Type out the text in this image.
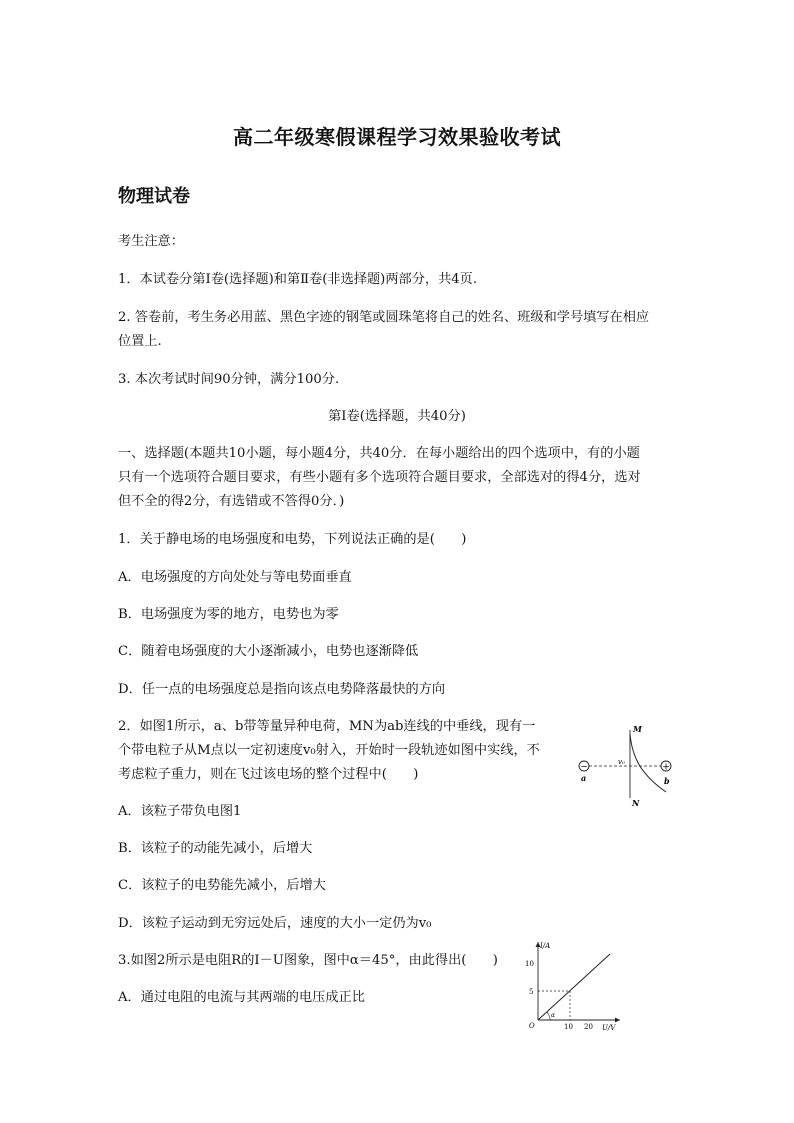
高二年级寒假课程学习效果验收考试
物理试卷
考生注意：
1．本试卷分第Ⅰ卷(选择题)和第Ⅱ卷(非选择题)两部分，共4页.
2. 答卷前，考生务必用蓝、黑色字迹的钢笔或圆珠笔将自己的姓名、班级和学号填写在相应
位置上.
3. 本次考试时间90分钟，满分100分.
第Ⅰ卷(选择题，共40分)
一、选择题(本题共10小题，每小题4分，共40分．在每小题给出的四个选项中，有的小题
只有一个选项符合题目要求，有些小题有多个选项符合题目要求，全部选对的得4分，选对
但不全的得2分，有选错或不答得0分．)
1．关于静电场的电场强度和电势，下列说法正确的是(　　)
A．电场强度的方向处处与等电势面垂直
B．电场强度为零的地方，电势也为零
C．随着电场强度的大小逐渐减小，电势也逐渐降低
D．任一点的电场强度总是指向该点电势降落最快的方向
2．如图1所示，a、b带等量异种电荷，MN为ab连线的中垂线，现有一
个带电粒子从M点以一定初速度v₀射入，开始时一段轨迹如图中实线，不
考虑粒子重力，则在飞过该电场的整个过程中(　　)	−	+
M
N
a	b
v₀
A．该粒子带负电图1
B．该粒子的动能先减小，后增大
C．该粒子的电势能先减小，后增大
D．该粒子运动到无穷远处后，速度的大小一定仍为v₀
3.如图2所示是电阻R的I－U图象，图中α＝45°，由此得出(　　)
α
I/A
U/V
O
10
5
10 20
A．通过电阻的电流与其两端的电压成正比
